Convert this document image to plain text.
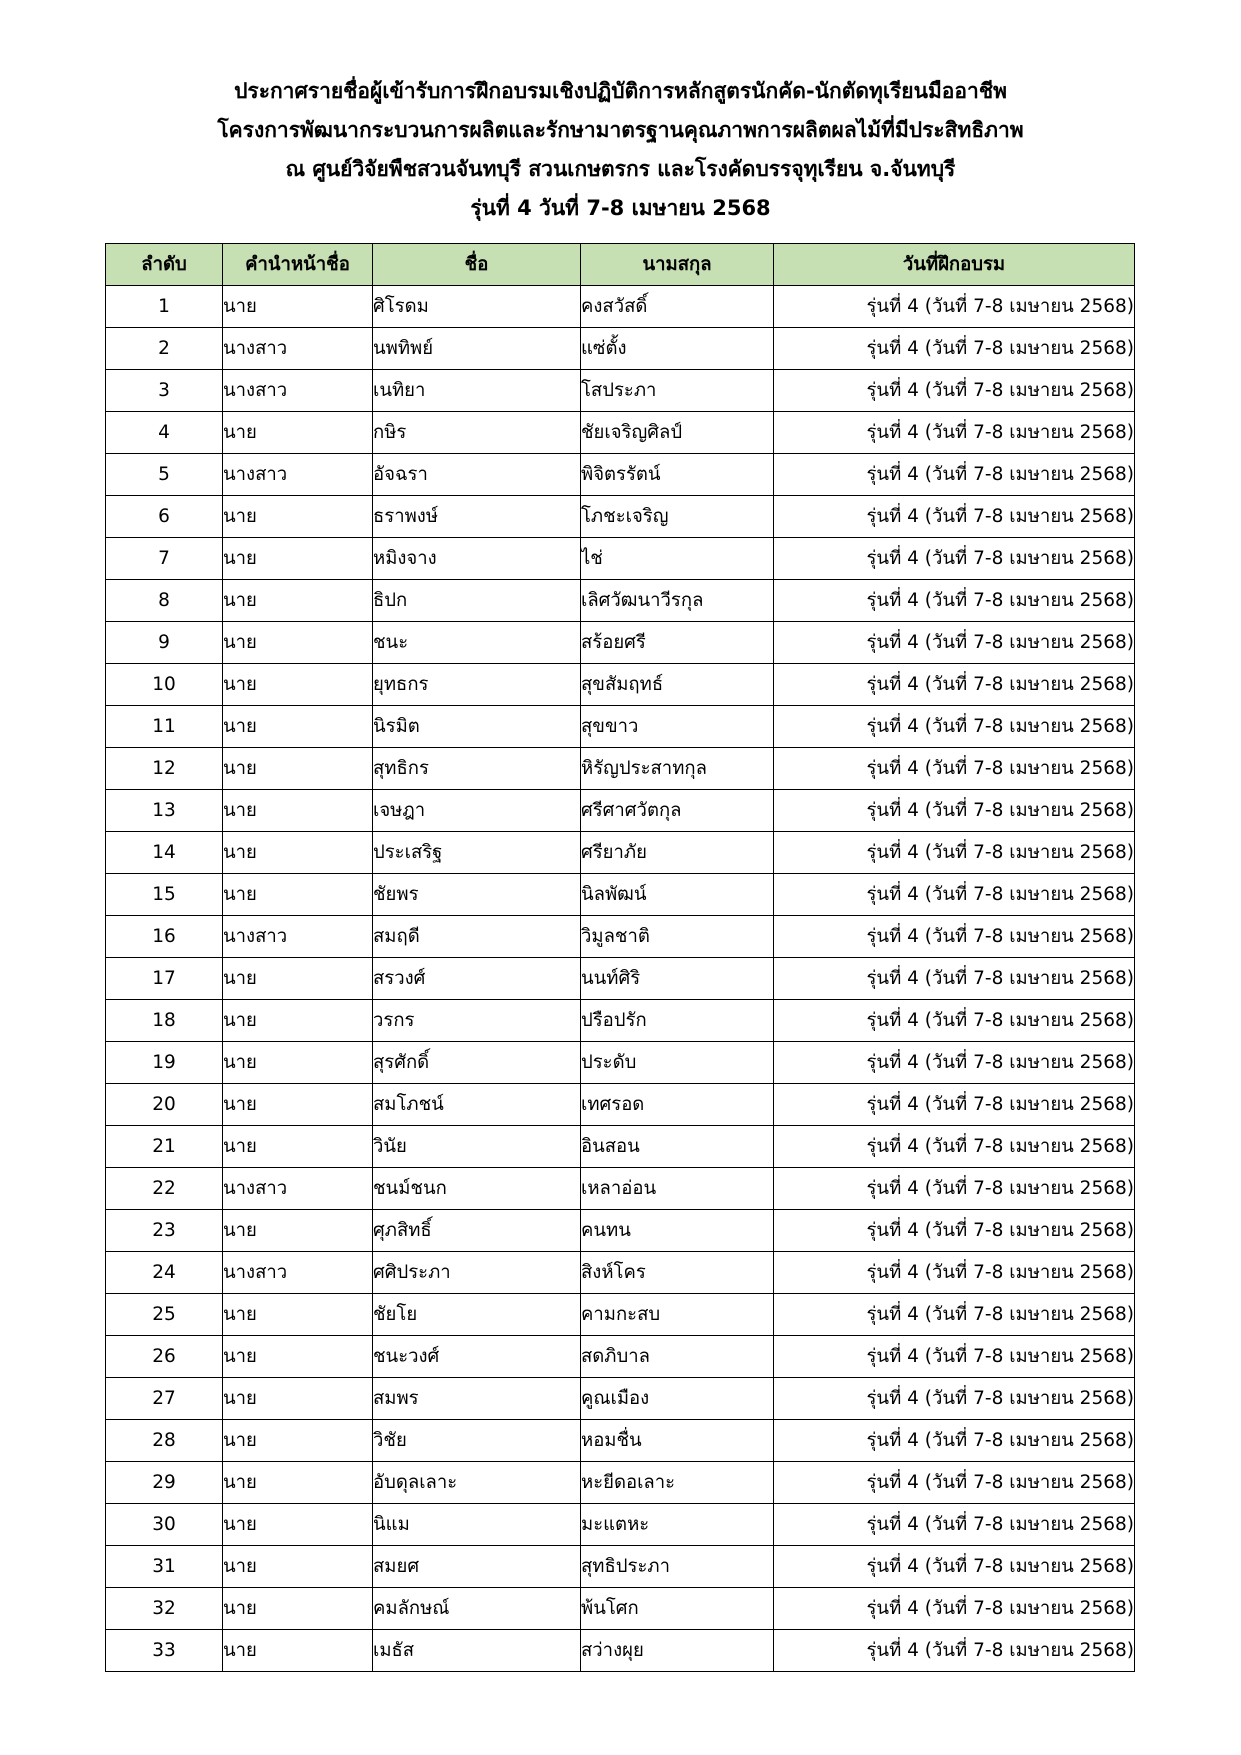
ประกาศรายชื่อผู้เข้ารับการฝึกอบรมเชิงปฏิบัติการหลักสูตรนักคัด-นักตัดทุเรียนมืออาชีพ
โครงการพัฒนากระบวนการผลิตและรักษามาตรฐานคุณภาพการผลิตผลไม้ที่มีประสิทธิภาพ
ณ ศูนย์วิจัยพืชสวนจันทบุรี สวนเกษตรกร และโรงคัดบรรจุทุเรียน จ.จันทบุรี
รุ่นที่ 4 วันที่ 7-8 เมษายน 2568
ลำดับ	คำนำหน้าชื่อ	ชื่อ	นามสกุล	วันที่ฝึกอบรม
1	นาย	ศิโรดม	คงสวัสดิ์	รุ่นที่ 4 (วันที่ 7-8 เมษายน 2568)
2	นางสาว	นพทิพย์	แซ่ตั้ง	รุ่นที่ 4 (วันที่ 7-8 เมษายน 2568)
3	นางสาว	เนทิยา	โสประภา	รุ่นที่ 4 (วันที่ 7-8 เมษายน 2568)
4	นาย	กษิร	ชัยเจริญศิลป์	รุ่นที่ 4 (วันที่ 7-8 เมษายน 2568)
5	นางสาว	อัจฉรา	พิจิตรรัตน์	รุ่นที่ 4 (วันที่ 7-8 เมษายน 2568)
6	นาย	ธราพงษ์	โภชะเจริญ	รุ่นที่ 4 (วันที่ 7-8 เมษายน 2568)
7	นาย	หมิงจาง	ไช่	รุ่นที่ 4 (วันที่ 7-8 เมษายน 2568)
8	นาย	ธิปก	เลิศวัฒนาวีรกุล	รุ่นที่ 4 (วันที่ 7-8 เมษายน 2568)
9	นาย	ชนะ	สร้อยศรี	รุ่นที่ 4 (วันที่ 7-8 เมษายน 2568)
10	นาย	ยุทธกร	สุขสัมฤทธ์	รุ่นที่ 4 (วันที่ 7-8 เมษายน 2568)
11	นาย	นิรมิต	สุขขาว	รุ่นที่ 4 (วันที่ 7-8 เมษายน 2568)
12	นาย	สุทธิกร	หิรัญประสาทกุล	รุ่นที่ 4 (วันที่ 7-8 เมษายน 2568)
13	นาย	เจษฎา	ศรีศาศวัตกุล	รุ่นที่ 4 (วันที่ 7-8 เมษายน 2568)
14	นาย	ประเสริฐ	ศรียาภัย	รุ่นที่ 4 (วันที่ 7-8 เมษายน 2568)
15	นาย	ชัยพร	นิลพัฒน์	รุ่นที่ 4 (วันที่ 7-8 เมษายน 2568)
16	นางสาว	สมฤดี	วิมูลชาติ	รุ่นที่ 4 (วันที่ 7-8 เมษายน 2568)
17	นาย	สรวงศ์	นนท์ศิริ	รุ่นที่ 4 (วันที่ 7-8 เมษายน 2568)
18	นาย	วรกร	ปรือปรัก	รุ่นที่ 4 (วันที่ 7-8 เมษายน 2568)
19	นาย	สุรศักดิ์	ประดับ	รุ่นที่ 4 (วันที่ 7-8 เมษายน 2568)
20	นาย	สมโภชน์	เทศรอด	รุ่นที่ 4 (วันที่ 7-8 เมษายน 2568)
21	นาย	วินัย	อินสอน	รุ่นที่ 4 (วันที่ 7-8 เมษายน 2568)
22	นางสาว	ชนม์ชนก	เหลาอ่อน	รุ่นที่ 4 (วันที่ 7-8 เมษายน 2568)
23	นาย	ศุภสิทธิ์	คนทน	รุ่นที่ 4 (วันที่ 7-8 เมษายน 2568)
24	นางสาว	ศศิประภา	สิงห์โคร	รุ่นที่ 4 (วันที่ 7-8 เมษายน 2568)
25	นาย	ชัยโย	คามกะสบ	รุ่นที่ 4 (วันที่ 7-8 เมษายน 2568)
26	นาย	ชนะวงศ์	สดภิบาล	รุ่นที่ 4 (วันที่ 7-8 เมษายน 2568)
27	นาย	สมพร	คูณเมือง	รุ่นที่ 4 (วันที่ 7-8 เมษายน 2568)
28	นาย	วิชัย	หอมชื่น	รุ่นที่ 4 (วันที่ 7-8 เมษายน 2568)
29	นาย	อับดุลเลาะ	หะยีดอเลาะ	รุ่นที่ 4 (วันที่ 7-8 เมษายน 2568)
30	นาย	นิแม	มะแตหะ	รุ่นที่ 4 (วันที่ 7-8 เมษายน 2568)
31	นาย	สมยศ	สุทธิประภา	รุ่นที่ 4 (วันที่ 7-8 เมษายน 2568)
32	นาย	คมลักษณ์	พ้นโศก	รุ่นที่ 4 (วันที่ 7-8 เมษายน 2568)
33	นาย	เมธัส	สว่างผุย	รุ่นที่ 4 (วันที่ 7-8 เมษายน 2568)
